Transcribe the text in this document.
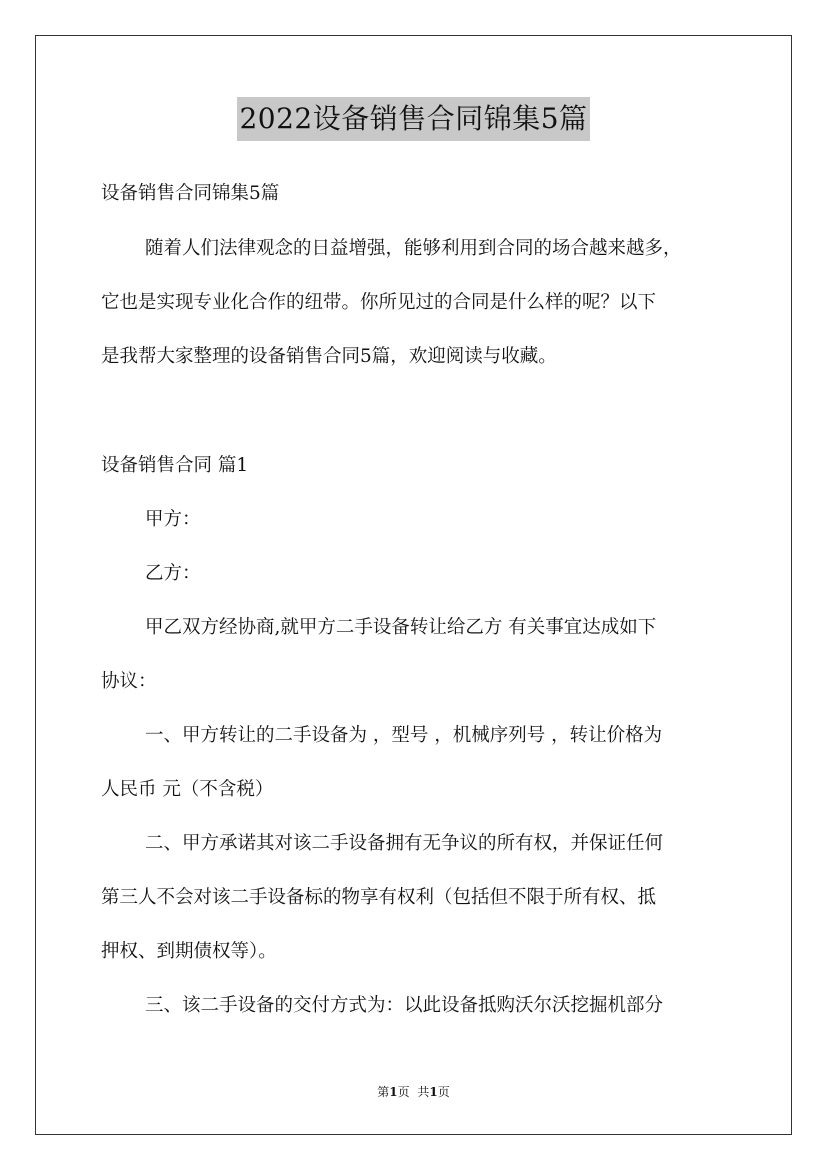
2022设备销售合同锦集5篇
设备销售合同锦集5篇
随着人们法律观念的日益增强，能够利用到合同的场合越来越多，
它也是实现专业化合作的纽带。你所见过的合同是什么样的呢？以下
是我帮大家整理的设备销售合同5篇，欢迎阅读与收藏。
设备销售合同 篇1
甲方：
乙方：
甲乙双方经协商,就甲方二手设备转让给乙方 有关事宜达成如下
协议：
一、甲方转让的二手设备为 ，型号 ，机械序列号 ，转让价格为
人民币 元（不含税）
二、甲方承诺其对该二手设备拥有无争议的所有权，并保证任何
第三人不会对该二手设备标的物享有权利（包括但不限于所有权、抵
押权、到期债权等）。
三、该二手设备的交付方式为：以此设备抵购沃尔沃挖掘机部分
第1页 共1页
